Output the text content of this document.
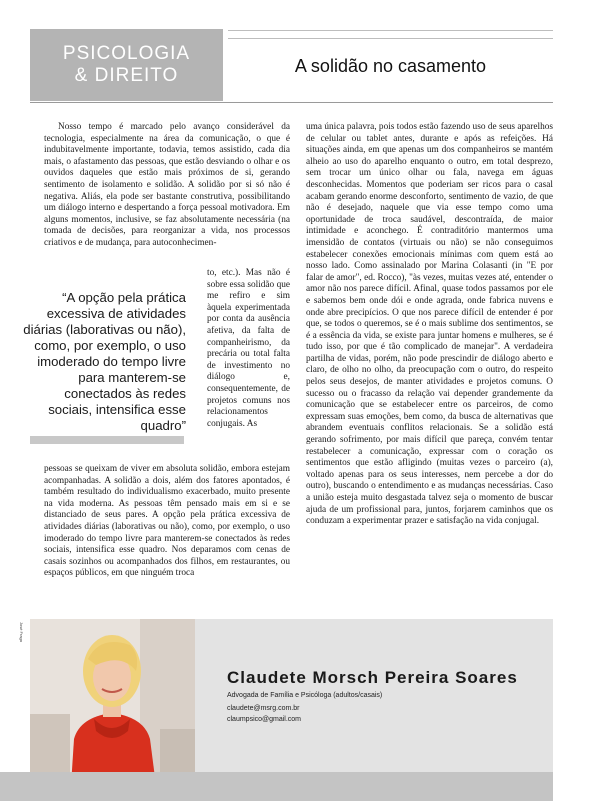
PSICOLOGIA
& DIREITO	A solidão no casamento

Nosso tempo é marcado pelo avanço considerável da tecnologia, especialmente na área da comunicação, o que é indubitavelmente importante, todavia, temos assistido, cada dia mais, o afastamento das pessoas, que estão desviando o olhar e os ouvidos daqueles que estão mais próximos de si, gerando sentimento de isolamento e solidão. A solidão por si só não é negativa. Aliás, ela pode ser bastante construtiva, possibilitando um diálogo interno e despertando a força pessoal motivadora. Em alguns momentos, inclusive, se faz absolutamente necessária (na tomada de decisões, para reorganizar a vida, nos processos criativos e de mudança, para autoconhecimen-

to, etc.). Mas não é sobre essa solidão que me refiro e sim àquela experimentada por conta da ausência afetiva, da falta de companheirismo, da precária ou total falta de investimento no diálogo e, consequentemente, de projetos comuns nos relacionamentos conjugais. As

“A opção pela prática excessiva de atividades diárias (laborativas ou não), como, por exemplo, o uso imoderado do tempo livre para manterem-se conectados às redes sociais, intensifica esse quadro”

pessoas se queixam de viver em absoluta solidão, embora estejam acompanhadas. A solidão a dois, além dos fatores apontados, é também resultado do individualismo exacerbado, muito presente na vida moderna. As pessoas têm pensado mais em si e se distanciado de seus pares. A opção pela prática excessiva de atividades diárias (laborativas ou não), como, por exemplo, o uso imoderado do tempo livre para manterem-se conectados às redes sociais, intensifica esse quadro. Nos deparamos com cenas de casais sozinhos ou acompanhados dos filhos, em restaurantes, ou espaços públicos, em que ninguém troca

uma única palavra, pois todos estão fazendo uso de seus aparelhos de celular ou tablet antes, durante e após as refeições. Há situações ainda, em que apenas um dos companheiros se mantém alheio ao uso do aparelho enquanto o outro, em total desprezo, sem trocar um único olhar ou fala, navega em águas desconhecidas. Momentos que poderiam ser ricos para o casal acabam gerando enorme desconforto, sentimento de vazio, de que não é desejado, naquele que via esse tempo como uma oportunidade de troca saudável, descontraída, de maior intimidade e aconchego. É contraditório mantermos uma imensidão de contatos (virtuais ou não) se não conseguimos estabelecer conexões emocionais mínimas com quem está ao nosso lado. Como assinalado por Marina Colasanti (in "E por falar de amor", ed. Rocco), "às vezes, muitas vezes até, entender o amor não nos parece difícil. Afinal, quase todos passamos por ele e sabemos bem onde dói e onde agrada, onde fabrica nuvens e onde abre precipícios. O que nos parece difícil de entender é por que, se todos o queremos, se é o mais sublime dos sentimentos, se é a essência da vida, se existe para juntar homens e mulheres, se é tudo isso, por que é tão complicado de manejar". A verdadeira partilha de vidas, porém, não pode prescindir de diálogo aberto e claro, de olho no olho, da preocupação com o outro, do respeito pelos seus desejos, de manter atividades e projetos comuns. O sucesso ou o fracasso da relação vai depender grandemente da comunicação que se estabelecer entre os parceiros, de como expressam suas emoções, bem como, da busca de alternativas que abrandem eventuais conflitos relacionais. Se a solidão está gerando sofrimento, por mais difícil que pareça, convém tentar restabelecer a comunicação, expressar com o coração os sentimentos que estão afligindo (muitas vezes o parceiro (a), voltado apenas para os seus interesses, nem percebe a dor do outro), buscando o entendimento e as mudanças necessárias. Caso a união esteja muito desgastada talvez seja o momento de buscar ajuda de um profissional para, juntos, forjarem caminhos que os conduzam a experimentar prazer e satisfação na vida conjugal.

José Fraga
Claudete Morsch Pereira Soares
Advogada de Família e Psicóloga (adultos/casais)
claudete@msrg.com.br
claumpsico@gmail.com
